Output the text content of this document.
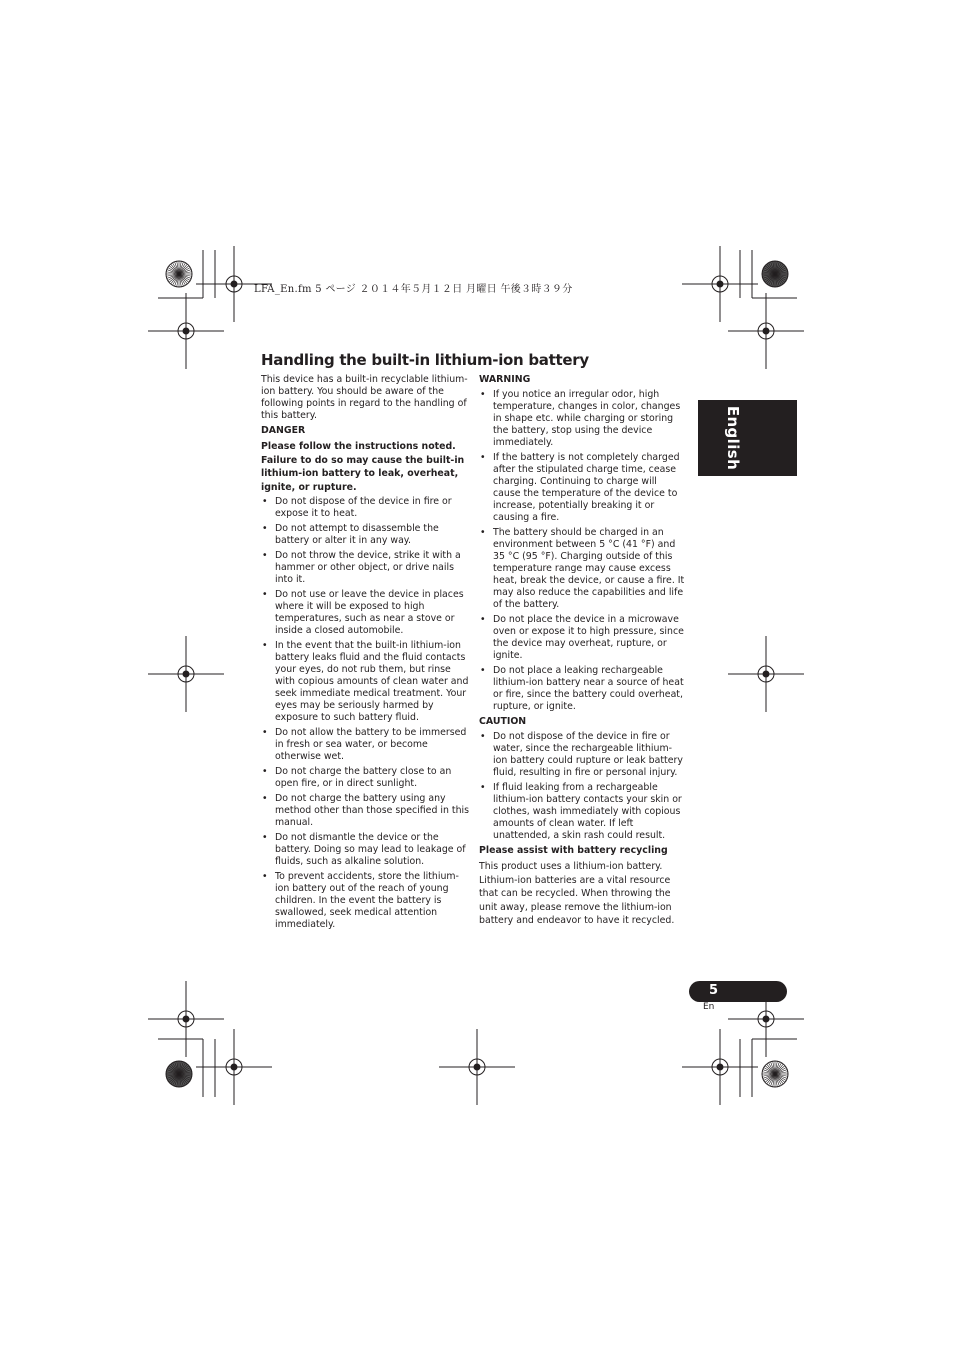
LFA_En.fm 5 ページ ２０１４年５月１２日 月曜日 午後３時３９分
Handling the built-in lithium-ion battery

This device has a built-in recyclable lithium-ion battery. You should be aware of the following points in regard to the handling of this battery.

DANGER

Please follow the instructions noted. Failure to do so may cause the built-in lithium-ion battery to leak, overheat, ignite, or rupture.

• Do not dispose of the device in fire or expose it to heat.
• Do not attempt to disassemble the battery or alter it in any way.
• Do not throw the device, strike it with a hammer or other object, or drive nails into it.
• Do not use or leave the device in places where it will be exposed to high temperatures, such as near a stove or inside a closed automobile.
• In the event that the built-in lithium-ion battery leaks fluid and the fluid contacts your eyes, do not rub them, but rinse with copious amounts of clean water and seek immediate medical treatment. Your eyes may be seriously harmed by exposure to such battery fluid.
• Do not allow the battery to be immersed in fresh or sea water, or become otherwise wet.
• Do not charge the battery close to an open fire, or in direct sunlight.
• Do not charge the battery using any method other than those specified in this manual.
• Do not dismantle the device or the battery. Doing so may lead to leakage of fluids, such as alkaline solution.
• To prevent accidents, store the lithium-ion battery out of the reach of young children. In the event the battery is swallowed, seek medical attention immediately.

WARNING

• If you notice an irregular odor, high temperature, changes in color, changes in shape etc. while charging or storing the battery, stop using the device immediately.
• If the battery is not completely charged after the stipulated charge time, cease charging. Continuing to charge will cause the temperature of the device to increase, potentially breaking it or causing a fire.
• The battery should be charged in an environment between 5 °C (41 °F) and 35 °C (95 °F). Charging outside of this temperature range may cause excess heat, break the device, or cause a fire. It may also reduce the capabilities and life of the battery.
• Do not place the device in a microwave oven or expose it to high pressure, since the device may overheat, rupture, or ignite.
• Do not place a leaking rechargeable lithium-ion battery near a source of heat or fire, since the battery could overheat, rupture, or ignite.

CAUTION

• Do not dispose of the device in fire or water, since the rechargeable lithium-ion battery could rupture or leak battery fluid, resulting in fire or personal injury.
• If fluid leaking from a rechargeable lithium-ion battery contacts your skin or clothes, wash immediately with copious amounts of clean water. If left unattended, a skin rash could result.

Please assist with battery recycling

This product uses a lithium-ion battery. Lithium-ion batteries are a vital resource that can be recycled. When throwing the unit away, please remove the lithium-ion battery and endeavor to have it recycled.

English
5
En
